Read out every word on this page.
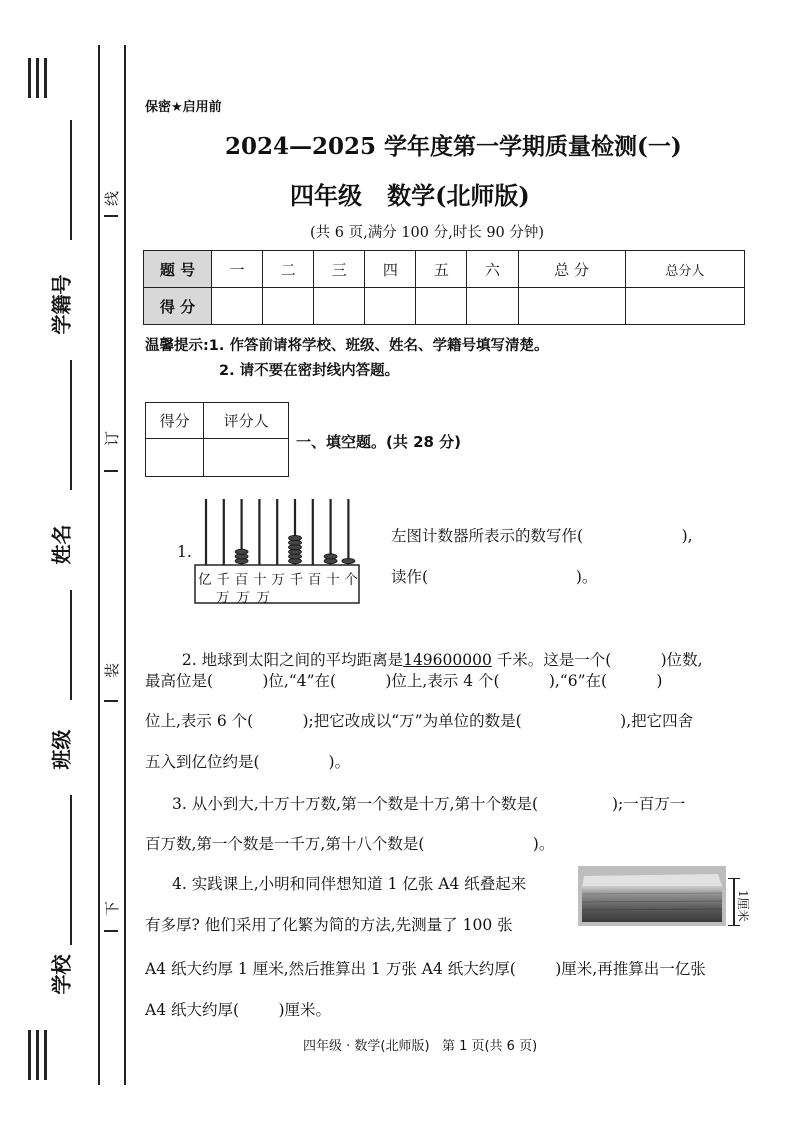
学籍号
姓名
班级
学校
线
订
装
下
保密★启用前
2024—2025 学年度第一学期质量检测(一)
四年级   数学(北师版)
(共 6 页,满分 100 分,时长 90 分钟)
题 号	一	二	三	四	五	六	总 分	总分人
得 分								
温馨提示:1. 作答前请将学校、班级、姓名、学籍号填写清楚。
2. 请不要在密封线内答题。
得分	评分人

一、填空题。(共 28 分)
1.
亿 千 百 十 万 千 百 十 个
万 万 万
左图计数器所表示的数写作(                    ),
读作(                              )。

2. 地球到太阳之间的平均距离是149600000 千米。这是一个(          )位数,

最高位是(          )位,“4”在(          )位上,表示 4 个(          ),“6”在(          )
位上,表示 6 个(          );把它改成以“万”为单位的数是(                    ),把它四舍
五入到亿位约是(              )。
3. 从小到大,十万十万数,第一个数是十万,第十个数是(               );一百万一
百万数,第一个数是一千万,第十八个数是(                      )。
4. 实践课上,小明和同伴想知道 1 亿张 A4 纸叠起来
有多厚? 他们采用了化繁为简的方法,先测量了 100 张
A4 纸大约厚 1 厘米,然后推算出 1 万张 A4 纸大约厚(        )厘米,再推算出一亿张
A4 纸大约厚(        )厘米。
1厘米
四年级 · 数学(北师版)   第 1 页(共 6 页)
